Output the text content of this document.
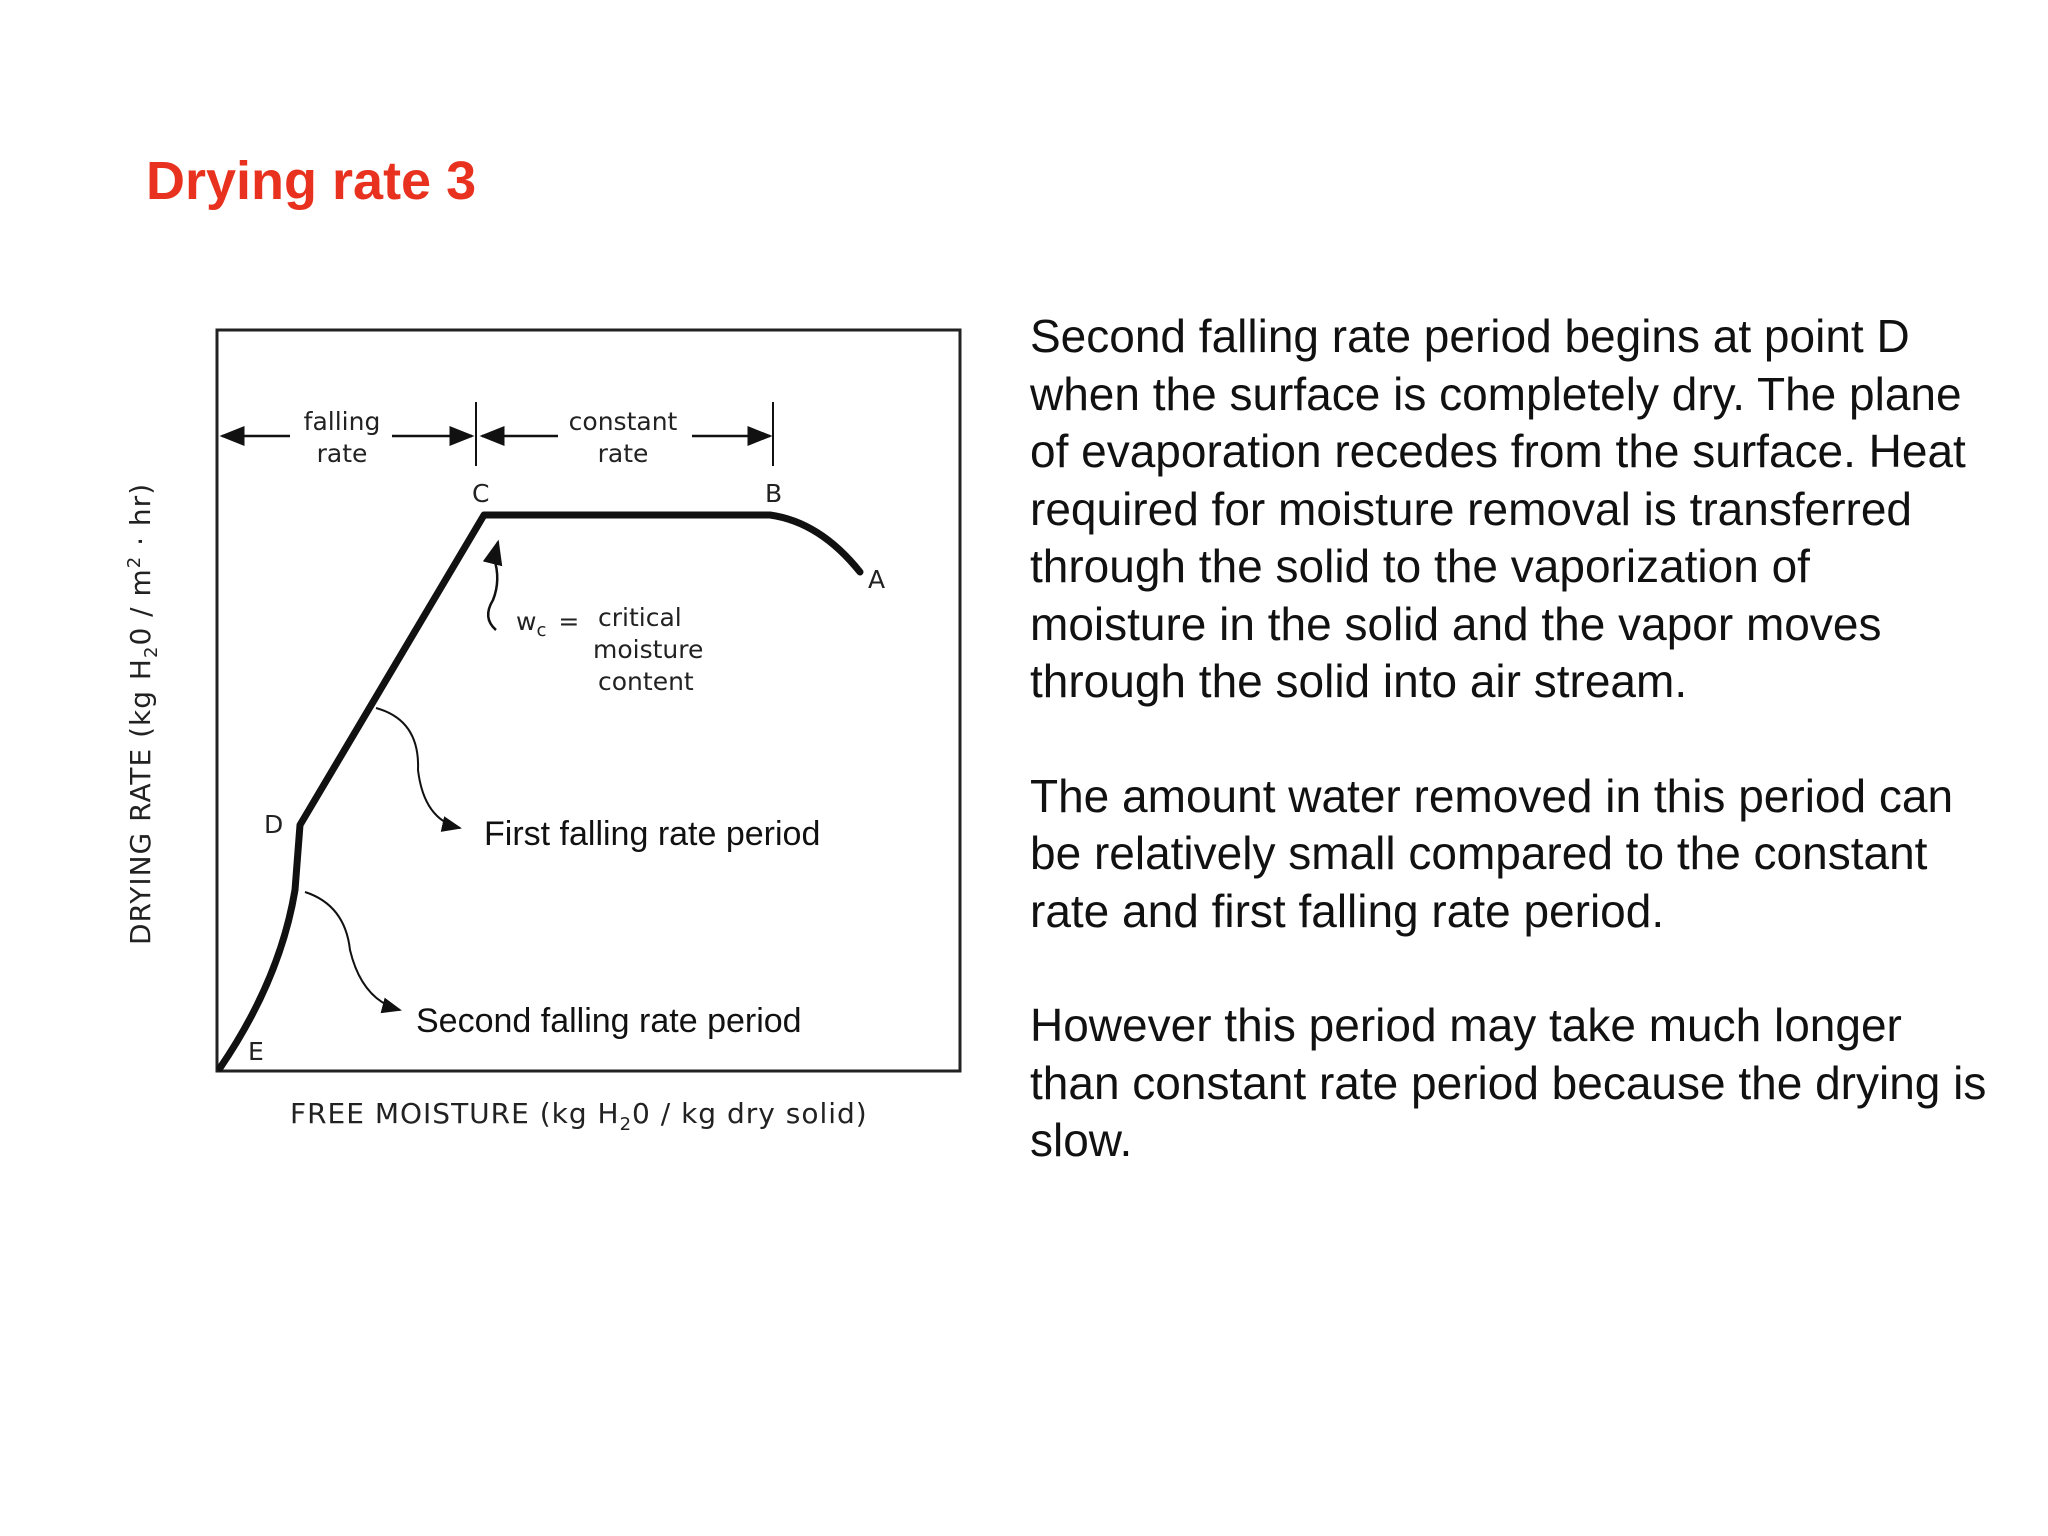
Drying rate 3
C	B
A
D
E
falling
rate
constant
rate
$w_c$ = critical
moisture
content
First falling rate period
Second falling rate period
FREE MOISTURE (kg $H_20$ / kg dry solid)
DRYING RATE (kg $H_20 / m^2 \cdot hr$)

Second falling rate period begins at point D when the surface is completely dry. The plane of evaporation recedes from the surface. Heat required for moisture removal is transferred through the solid to the vaporization of moisture in the solid and the vapor moves through the solid into air stream.

The amount water removed in this period can be relatively small compared to the constant rate and first falling rate period.

However this period may take much longer than constant rate period because the drying is slow.
